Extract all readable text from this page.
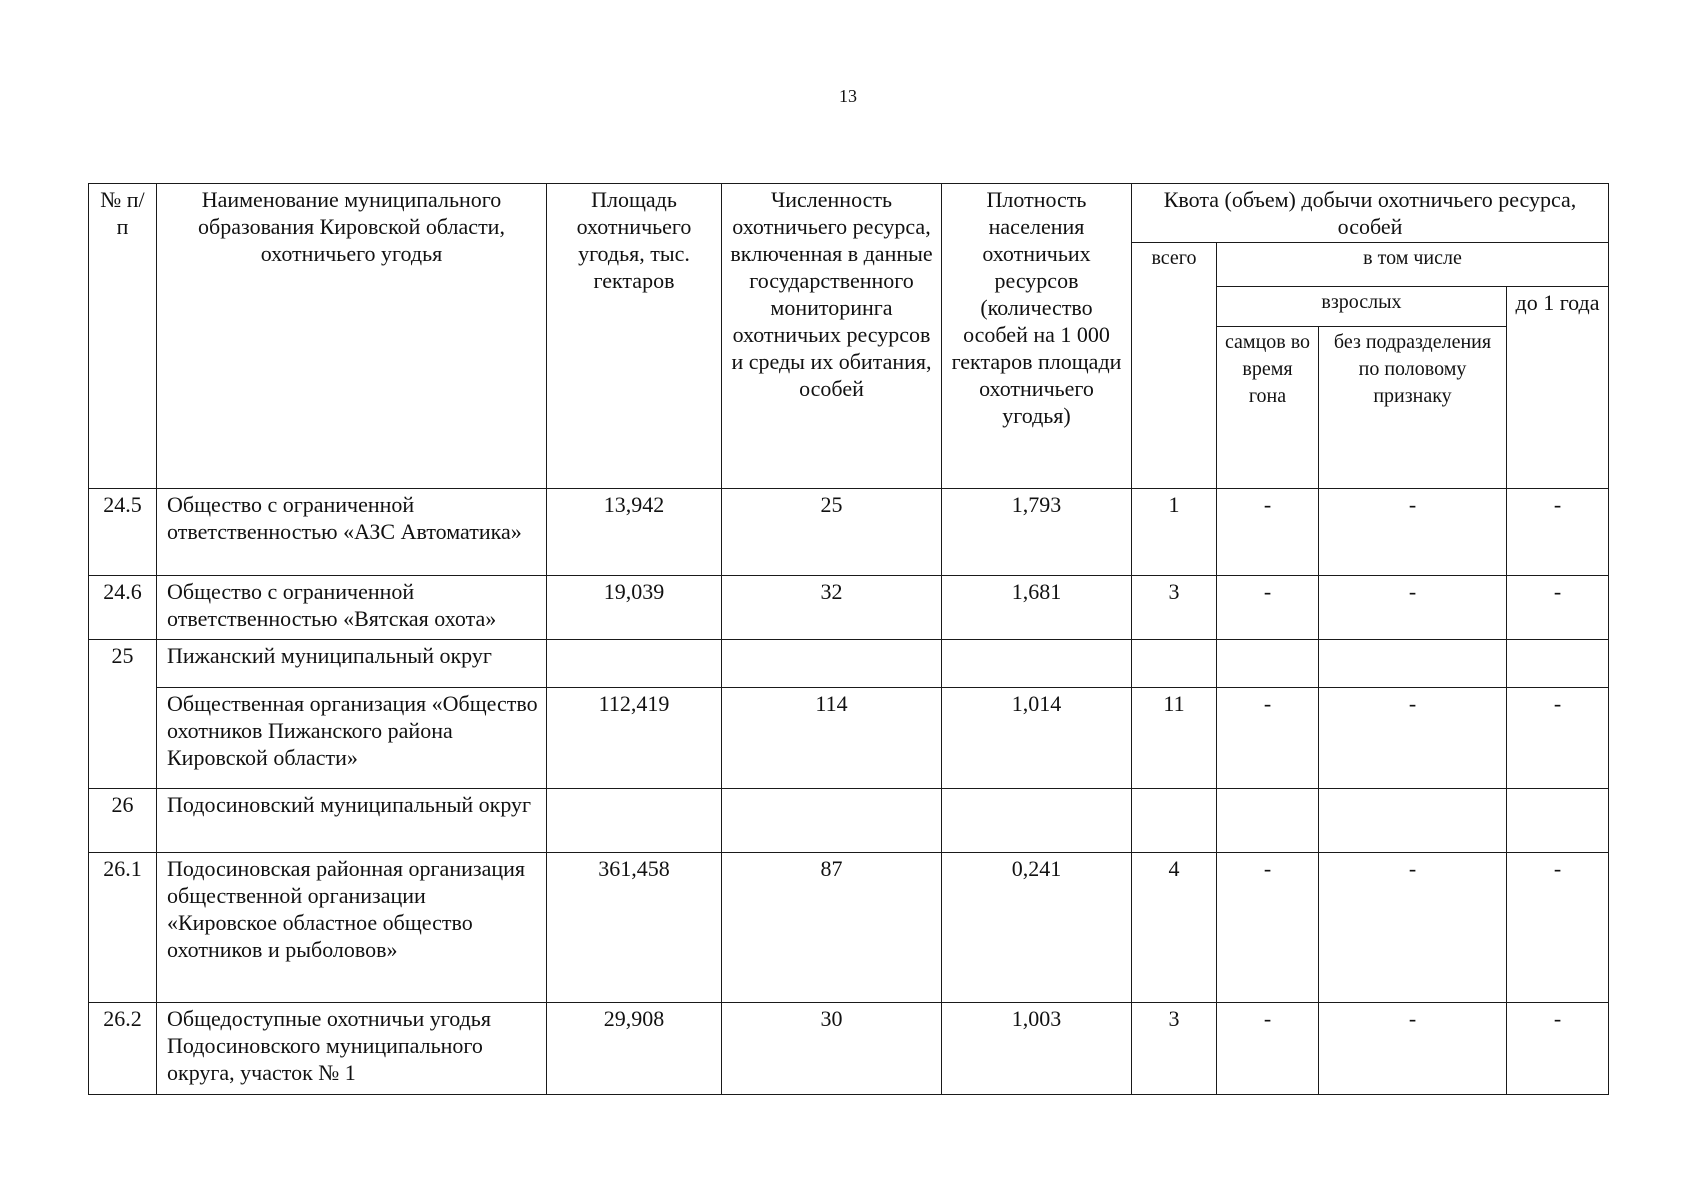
13
№ п/п	Наименование муниципального образования Кировской области, охотничьего угодья	Площадь охотничьего угодья, тыс. гектаров	Численность охотничьего ресурса, включенная в данные государственного мониторинга охотничьих ресурсов и среды их обитания, особей	Плотность населения охотничьих ресурсов (количество особей на 1 000 гектаров площади охотничьего угодья)	Квота (объем) добычи охотничьего ресурса, особей			
					всего	в том числе		
						взрослых		до 1 года
						самцов во время гона	без подразделения по половому признаку	
24.5	Общество с ограниченной ответственностью «АЗС Автоматика»	13,942	25	1,793	1	-	-	-
24.6	Общество с ограниченной ответственностью «Вятская охота»	19,039	32	1,681	3	-	-	-
25	Пижанский муниципальный округ							
	Общественная организация «Общество охотников Пижанского района Кировской области»	112,419	114	1,014	11	-	-	-
26	Подосиновский муниципальный округ							
26.1	Подосиновская районная организация общественной организации «Кировское областное общество охотников и рыболовов»	361,458	87	0,241	4	-	-	-
26.2	Общедоступные охотничьи угодья Подосиновского муниципального округа, участок № 1	29,908	30	1,003	3	-	-	-
